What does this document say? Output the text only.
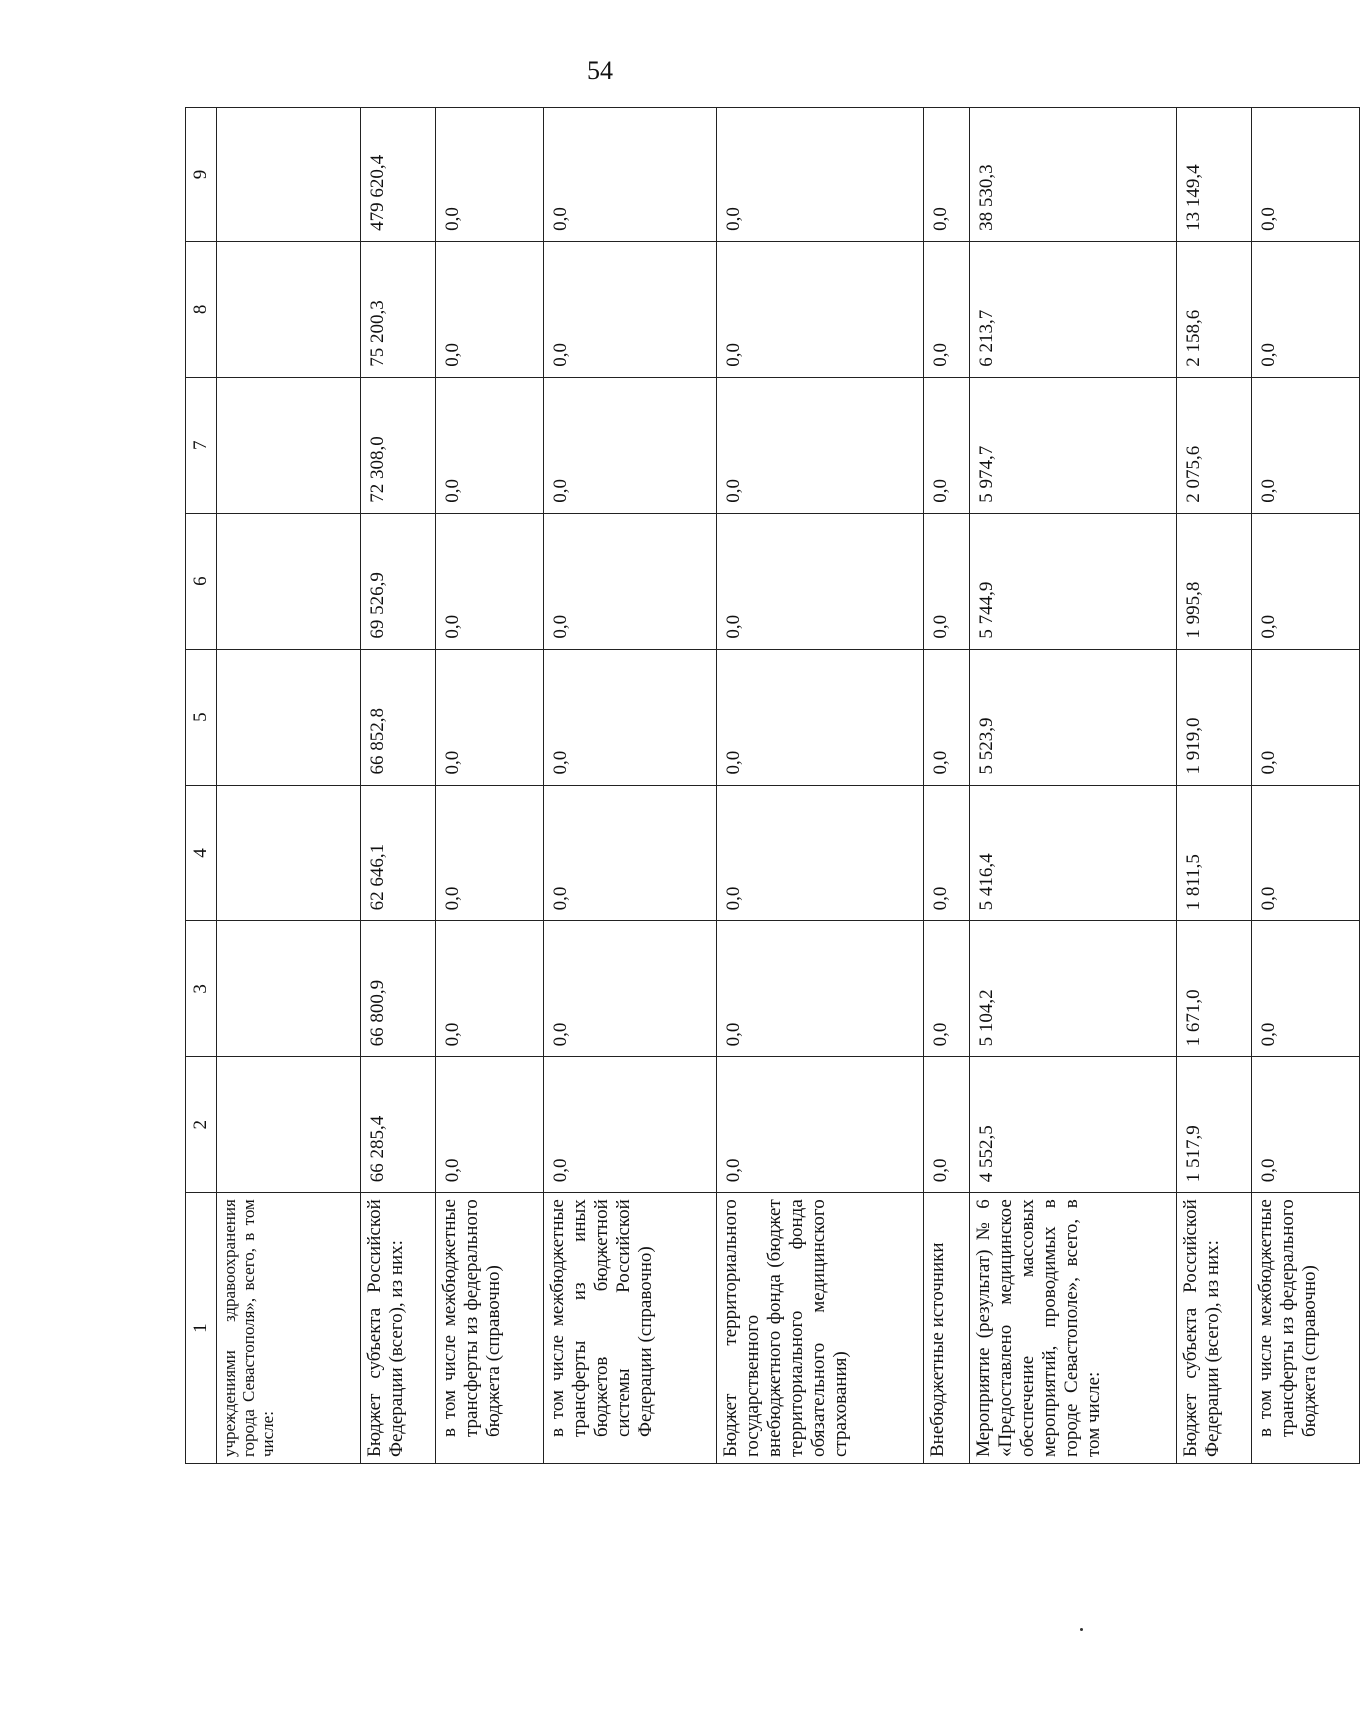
54
1	2	3	4	5	6	7	8	9
учреждениями здравоохранения города Севастополя», всего, в том числе:								
Бюджет субъекта Российской Федерации (всего), из них:	66 285,4	66 800,9	62 646,1	66 852,8	69 526,9	72 308,0	75 200,3	479 620,4
в том числе межбюджетные трансферты из федерального бюджета (справочно)	0,0	0,0	0,0	0,0	0,0	0,0	0,0	0,0
в том числе межбюджетные трансферты из иных бюджетов бюджетной системы Российской Федерации (справочно)	0,0	0,0	0,0	0,0	0,0	0,0	0,0	0,0
Бюджет территориального государственного внебюджетного фонда (бюджет территориального фонда обязательного медицинского страхования)	0,0	0,0	0,0	0,0	0,0	0,0	0,0	0,0
Внебюджетные источники	0,0	0,0	0,0	0,0	0,0	0,0	0,0	0,0
Мероприятие (результат) № 6 «Предоставлено медицинское обеспечение массовых мероприятий, проводимых в городе Севастополе», всего, в том числе:	4 552,5	5 104,2	5 416,4	5 523,9	5 744,9	5 974,7	6 213,7	38 530,3
Бюджет субъекта Российской Федерации (всего), из них:	1 517,9	1 671,0	1 811,5	1 919,0	1 995,8	2 075,6	2 158,6	13 149,4
в том числе межбюджетные трансферты из федерального бюджета (справочно)	0,0	0,0	0,0	0,0	0,0	0,0	0,0	0,0
